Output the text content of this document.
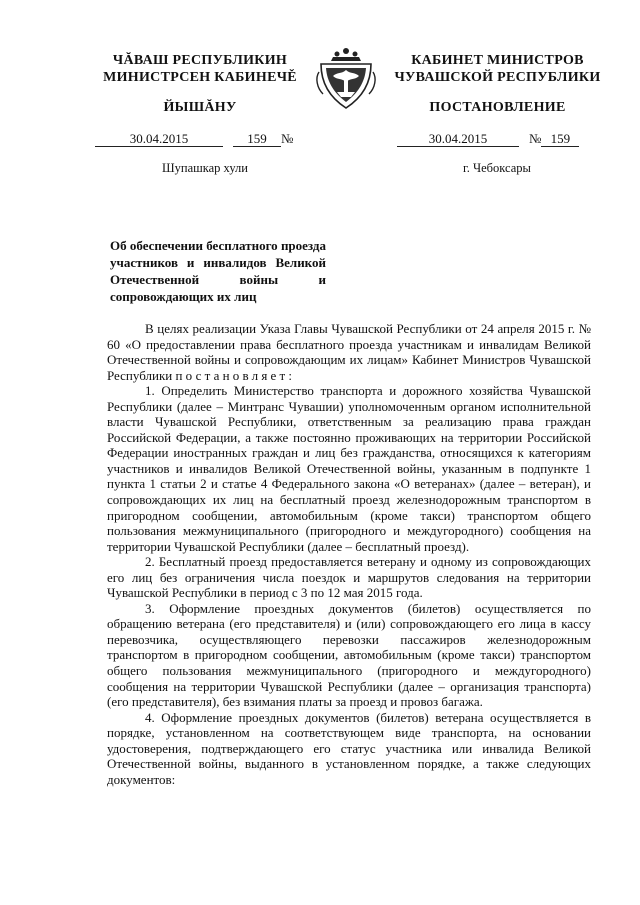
ЧĂВАШ РЕСПУБЛИКИН
МИНИСТРСЕН КАБИНЕЧĚ
ЙЫШĂНУ
КАБИНЕТ МИНИСТРОВ
ЧУВАШСКОЙ РЕСПУБЛИКИ
ПОСТАНОВЛЕНИЕ
30.04.2015	159 №	30.04.2015	№ 159
Шупашкар хули	г. Чебоксары
Об обеспечении бесплатного проезда участников и инвалидов Великой Отечественной войны и сопровождающих их лиц

В целях реализации Указа Главы Чувашской Республики от 24 апреля 2015 г. № 60 «О предоставлении права бесплатного проезда участникам и инвалидам Великой Отечественной войны и сопровождающим их лицам» Кабинет Министров Чувашской Республики постановляет:

1. Определить Министерство транспорта и дорожного хозяйства Чувашской Республики (далее – Минтранс Чувашии) уполномоченным органом исполнительной власти Чувашской Республики, ответственным за реализацию права граждан Российской Федерации, а также постоянно проживающих на территории Российской Федерации иностранных граждан и лиц без гражданства, относящихся к категориям участников и инвалидов Великой Отечественной войны, указанным в подпункте 1 пункта 1 статьи 2 и статье 4 Федерального закона «О ветеранах» (далее – ветеран), и сопровождающих их лиц на бесплатный проезд железнодорожным транспортом в пригородном сообщении, автомобильным (кроме такси) транспортом общего пользования межмуниципального (пригородного и междугородного) сообщения на территории Чувашской Республики (далее – бесплатный проезд).

2. Бесплатный проезд предоставляется ветерану и одному из сопровождающих его лиц без ограничения числа поездок и маршрутов следования на территории Чувашской Республики в период с 3 по 12 мая 2015 года.

3. Оформление проездных документов (билетов) осуществляется по обращению ветерана (его представителя) и (или) сопровождающего его лица в кассу перевозчика, осуществляющего перевозки пассажиров железнодорожным транспортом в пригородном сообщении, автомобильным (кроме такси) транспортом общего пользования межмуниципального (пригородного и междугородного) сообщения на территории Чувашской Республики (далее – организация транспорта) (его представителя), без взимания платы за проезд и провоз багажа.

4. Оформление проездных документов (билетов) ветерана осуществляется в порядке, установленном на соответствующем виде транспорта, на основании удостоверения, подтверждающего его статус участника или инвалида Великой Отечественной войны, выданного в установленном порядке, а также следующих документов:
